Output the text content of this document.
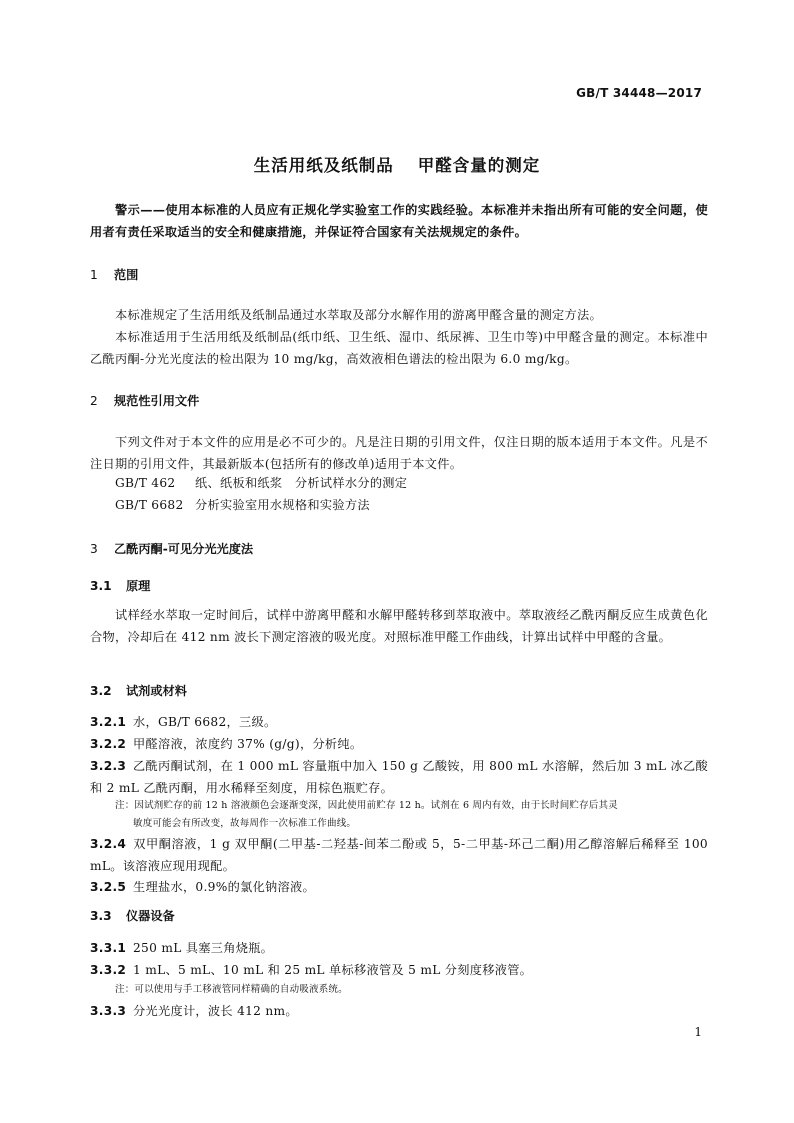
GB/T 34448—2017
生活用纸及纸制品 甲醛含量的测定
警示——使用本标准的人员应有正规化学实验室工作的实践经验。本标准并未指出所有可能的安全问题，使用者有责任采取适当的安全和健康措施，并保证符合国家有关法规规定的条件。
1 范围
本标准规定了生活用纸及纸制品通过水萃取及部分水解作用的游离甲醛含量的测定方法。
本标准适用于生活用纸及纸制品(纸巾纸、卫生纸、湿巾、纸尿裤、卫生巾等)中甲醛含量的测定。本标准中乙酰丙酮-分光光度法的检出限为 10 mg/kg，高效液相色谱法的检出限为 6.0 mg/kg。
2 规范性引用文件
下列文件对于本文件的应用是必不可少的。凡是注日期的引用文件，仅注日期的版本适用于本文件。凡是不注日期的引用文件，其最新版本(包括所有的修改单)适用于本文件。
GB/T 462 纸、纸板和纸浆　分析试样水分的测定
GB/T 6682 分析实验室用水规格和实验方法
3 乙酰丙酮-可见分光光度法
3.1 原理
试样经水萃取一定时间后，试样中游离甲醛和水解甲醛转移到萃取液中。萃取液经乙酰丙酮反应生成黄色化合物，冷却后在 412 nm 波长下测定溶液的吸光度。对照标准甲醛工作曲线，计算出试样中甲醛的含量。
3.2 试剂或材料
3.2.1 水，GB/T 6682，三级。
3.2.2 甲醛溶液，浓度约 37% (g/g)，分析纯。
3.2.3 乙酰丙酮试剂，在 1 000 mL 容量瓶中加入 150 g 乙酸铵，用 800 mL 水溶解，然后加 3 mL 冰乙酸和 2 mL 乙酰丙酮，用水稀释至刻度，用棕色瓶贮存。
注：因试剂贮存的前 12 h 溶液颜色会逐渐变深，因此使用前贮存 12 h。试剂在 6 周内有效，由于长时间贮存后其灵
敏度可能会有所改变，故每周作一次标准工作曲线。
3.2.4 双甲酮溶液，1 g 双甲酮(二甲基-二羟基-间苯二酚或 5，5-二甲基-环己二酮)用乙醇溶解后稀释至 100 mL。该溶液应现用现配。
3.2.5 生理盐水，0.9%的氯化钠溶液。
3.3 仪器设备
3.3.1 250 mL 具塞三角烧瓶。
3.3.2 1 mL、5 mL、10 mL 和 25 mL 单标移液管及 5 mL 分刻度移液管。
注：可以使用与手工移液管同样精确的自动吸液系统。
3.3.3 分光光度计，波长 412 nm。
1
